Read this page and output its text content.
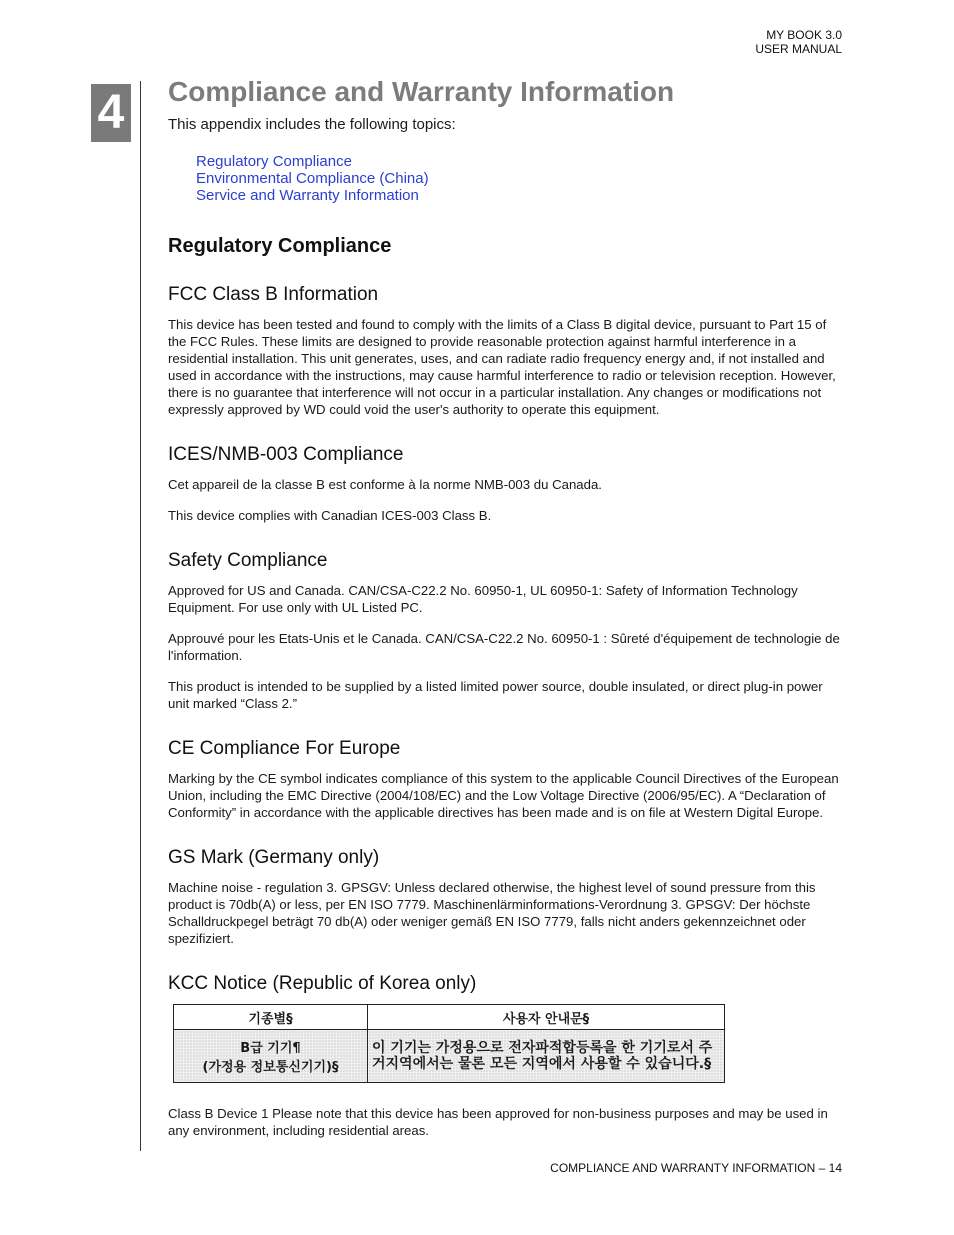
MY BOOK 3.0
USER MANUAL
4 Compliance and Warranty Information
This appendix includes the following topics:
Regulatory Compliance
Environmental Compliance (China)
Service and Warranty Information
Regulatory Compliance
FCC Class B Information

This device has been tested and found to comply with the limits of a Class B digital device, pursuant to Part 15 of the FCC Rules. These limits are designed to provide reasonable protection against harmful interference in a residential installation. This unit generates, uses, and can radiate radio frequency energy and, if not installed and used in accordance with the instructions, may cause harmful interference to radio or television reception. However, there is no guarantee that interference will not occur in a particular installation. Any changes or modifications not expressly approved by WD could void the user's authority to operate this equipment.

ICES/NMB-003 Compliance

Cet appareil de la classe B est conforme à la norme NMB-003 du Canada.

This device complies with Canadian ICES-003 Class B.

Safety Compliance

Approved for US and Canada. CAN/CSA-C22.2 No. 60950-1, UL 60950-1: Safety of Information Technology Equipment. For use only with UL Listed PC.

Approuvé pour les Etats-Unis et le Canada. CAN/CSA-C22.2 No. 60950-1 : Sûreté d'équipement de technologie de l'information.

This product is intended to be supplied by a listed limited power source, double insulated, or direct plug-in power unit marked “Class 2.”

CE Compliance For Europe

Marking by the CE symbol indicates compliance of this system to the applicable Council Directives of the European Union, including the EMC Directive (2004/108/EC) and the Low Voltage Directive (2006/95/EC). A “Declaration of Conformity” in accordance with the applicable directives has been made and is on file at Western Digital Europe.

GS Mark (Germany only)

Machine noise - regulation 3. GPSGV: Unless declared otherwise, the highest level of sound pressure from this product is 70db(A) or less, per EN ISO 7779. Maschinenlärminformations-Verordnung 3. GPSGV: Der höchste Schalldruckpegel beträgt 70 db(A) oder weniger gemäß EN ISO 7779, falls nicht anders gekennzeichnet oder spezifiziert.

KCC Notice (Republic of Korea only)
기종별§	사용자 안내문§

B급 기기¶
(가정용 정보통신기기)§	이 기기는 가정용으로 전자파적합등록을 한 기기로서 주거지역에서는 물론 모든 지역에서 사용할 수 있습니다.§

Class B Device 1 Please note that this device has been approved for non-business purposes and may be used in any environment, including residential areas.

COMPLIANCE AND WARRANTY INFORMATION – 14
